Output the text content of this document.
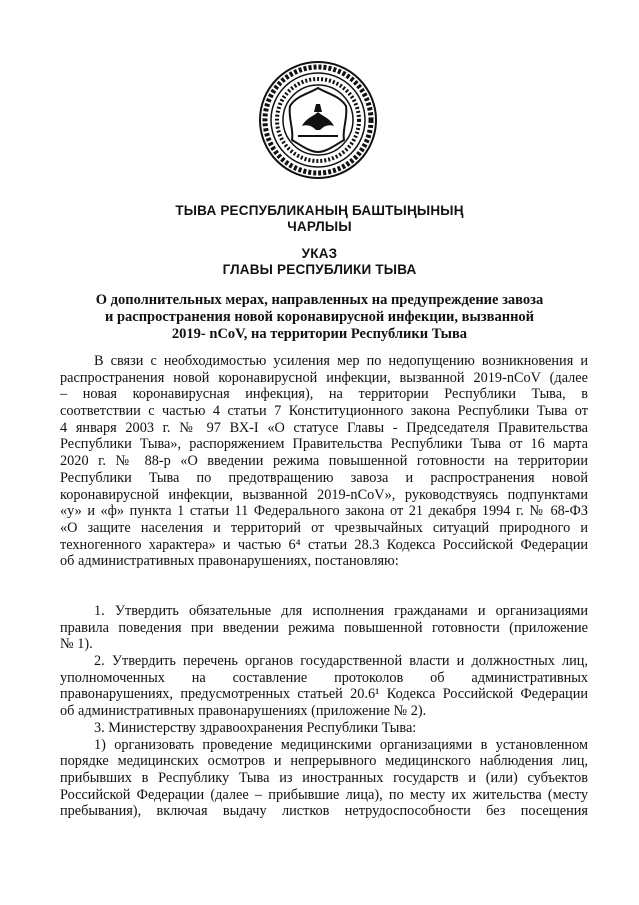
ТЫВА РЕСПУБЛИКАНЫҢ БАШТЫҢЫНЫҢ
ЧАРЛЫЫ
УКАЗ
ГЛАВЫ РЕСПУБЛИКИ ТЫВА
О дополнительных мерах, направленных на предупреждение завоза
и распространения новой коронавирусной инфекции, вызванной
2019- nCoV, на территории Республики Тыва
В связи с необходимостью усиления мер по недопущению возникновения и
распространения новой коронавирусной инфекции, вызванной 2019-nCoV (далее
– новая коронавирусная инфекция), на территории Республики Тыва, в
соответствии с частью 4 статьи 7 Конституционного закона Республики Тыва от
4 января 2003 г. № 97 ВХ-I «О статусе Главы - Председателя Правительства
Республики Тыва», распоряжением Правительства Республики Тыва от 16 марта
2020 г. № 88-р «О введении режима повышенной готовности на территории
Республики Тыва по предотвращению завоза и распространения новой
коронавирусной инфекции, вызванной 2019-nCoV», руководствуясь подпунктами
«у» и «ф» пункта 1 статьи 11 Федерального закона от 21 декабря 1994 г. № 68-ФЗ
«О защите населения и территорий от чрезвычайных ситуаций природного и
техногенного характера» и частью 6⁴ статьи 28.3 Кодекса Российской Федерации
об административных правонарушениях, постановляю:
1. Утвердить обязательные для исполнения гражданами и организациями
правила поведения при введении режима повышенной готовности (приложение
№ 1).
2. Утвердить перечень органов государственной власти и должностных лиц,
уполномоченных на составление протоколов об административных
правонарушениях, предусмотренных статьей 20.6¹ Кодекса Российской Федерации
об административных правонарушениях (приложение № 2).
3. Министерству здравоохранения Республики Тыва:
1) организовать проведение медицинскими организациями в установленном
порядке медицинских осмотров и непрерывного медицинского наблюдения лиц,
прибывших в Республику Тыва из иностранных государств и (или) субъектов
Российской Федерации (далее – прибывшие лица), по месту их жительства (месту
пребывания), включая выдачу листков нетрудоспособности без посещения
